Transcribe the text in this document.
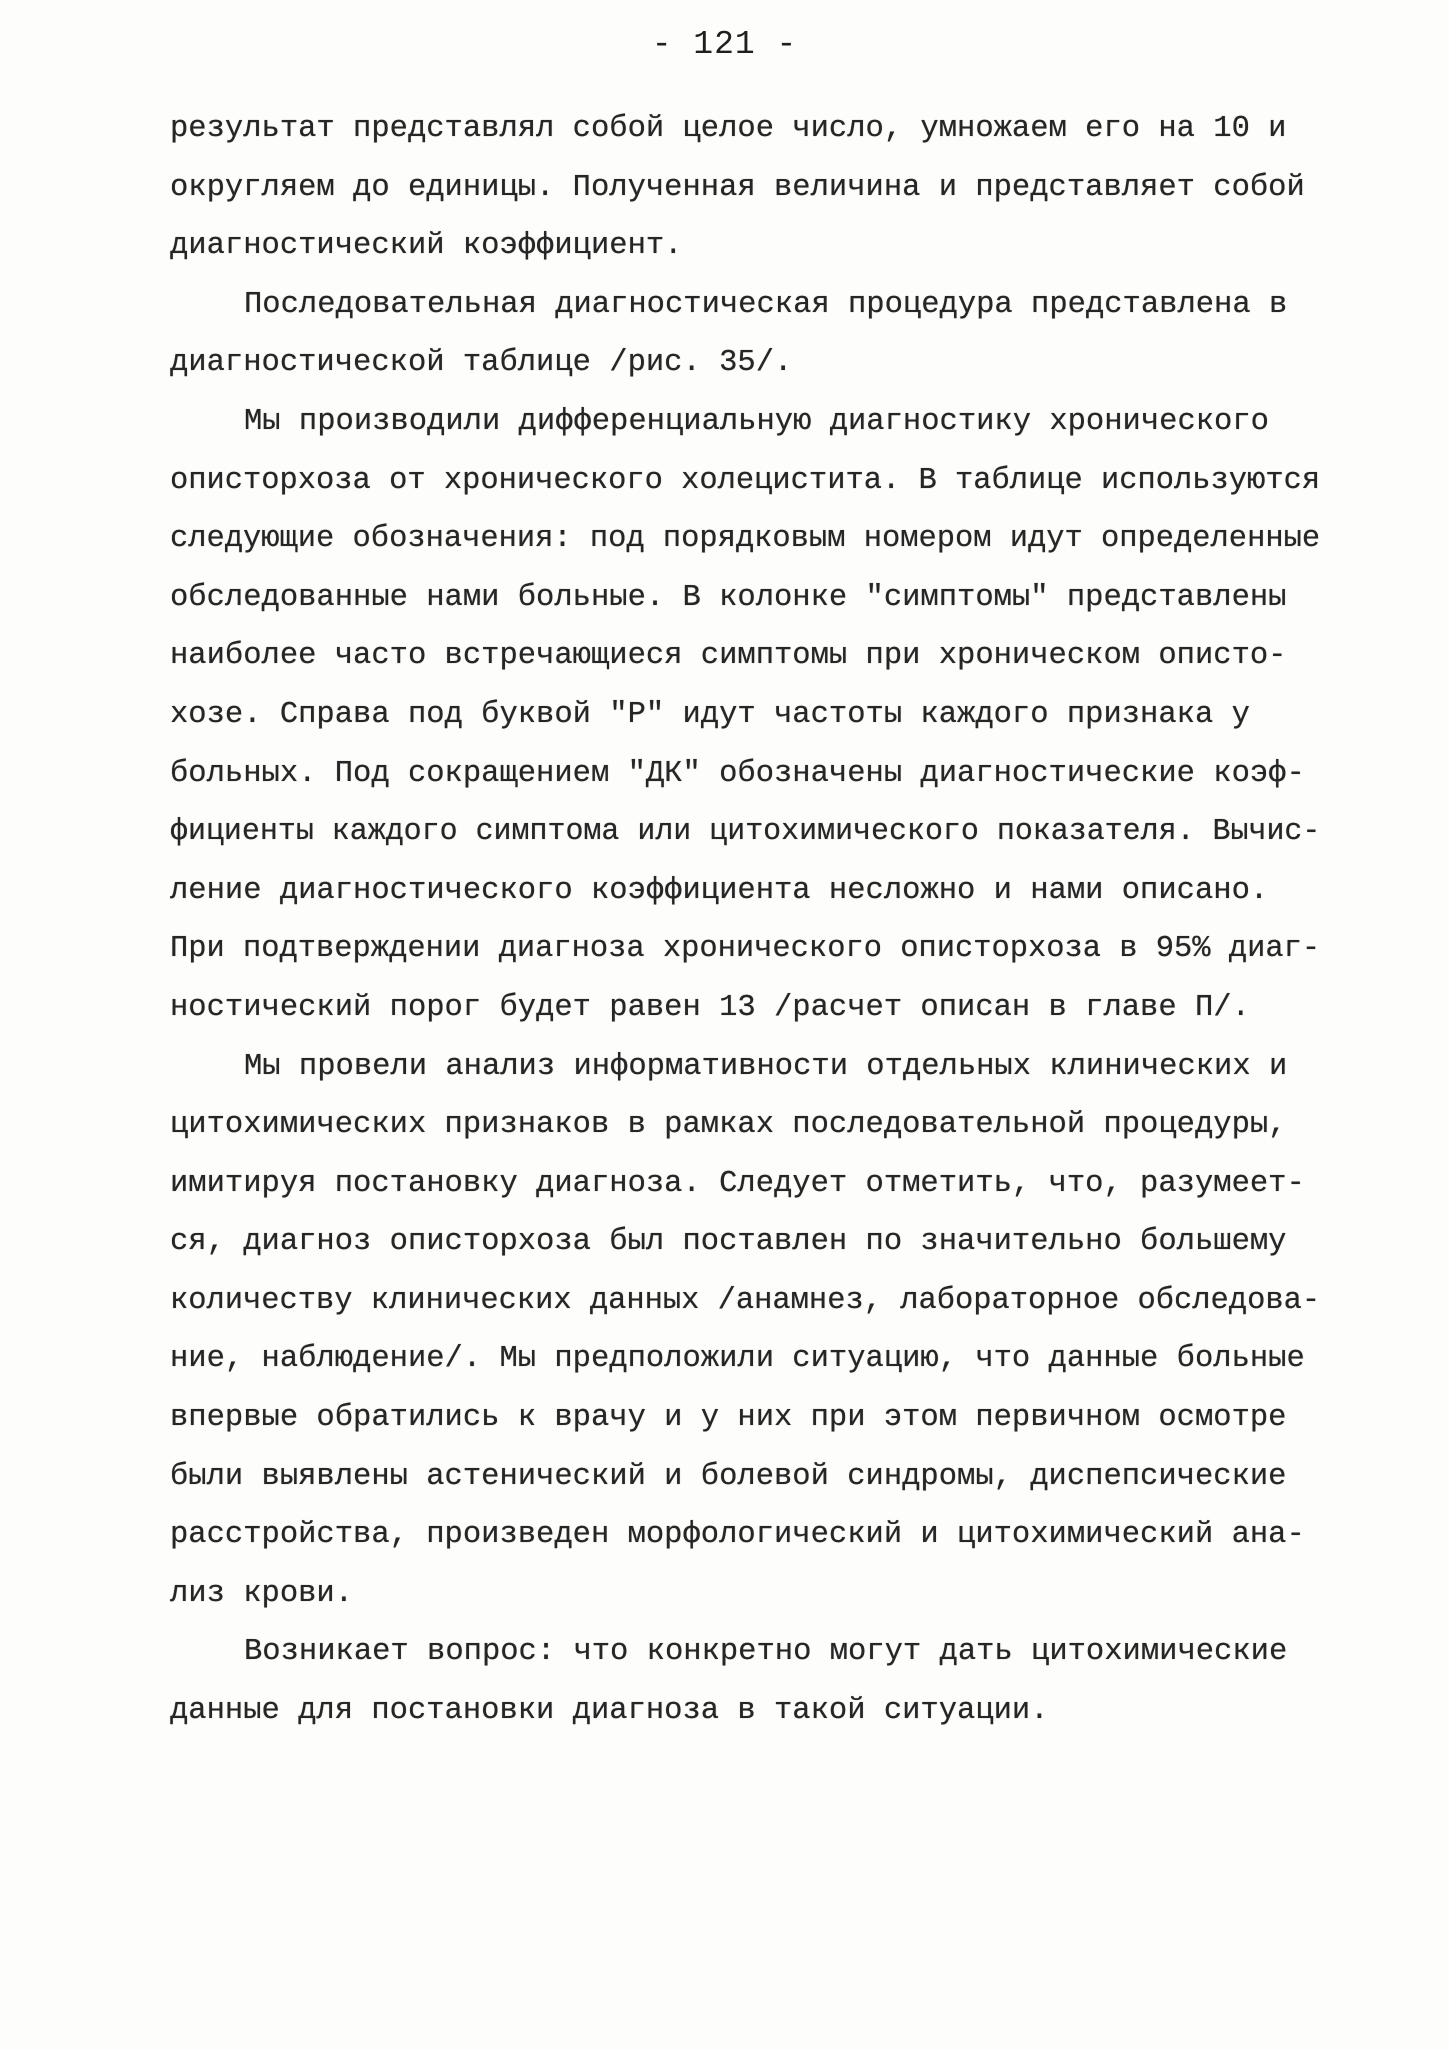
- 121 -
результат представлял собой целое число, умножаем его на 10 и
округляем до единицы. Полученная величина и представляет собой
диагностический коэффициент.
Последовательная диагностическая процедура представлена в
диагностической таблице /рис. 35/.
Мы производили дифференциальную диагностику хронического
описторхоза от хронического холецистита. В таблице используются
следующие обозначения: под порядковым номером идут определенные
обследованные нами больные. В колонке "симптомы" представлены
наиболее часто встречающиеся симптомы при хроническом описто-
хозе. Справа под буквой "Р" идут частоты каждого признака у
больных. Под сокращением "ДК" обозначены диагностические коэф-
фициенты каждого симптома или цитохимического показателя. Вычис-
ление диагностического коэффициента несложно и нами описано.
При подтверждении диагноза хронического описторхоза в 95% диаг-
ностический порог будет равен 13 /расчет описан в главе П/.
Мы провели анализ информативности отдельных клинических и
цитохимических признаков в рамках последовательной процедуры,
имитируя постановку диагноза. Следует отметить, что, разумеет-
ся, диагноз описторхоза был поставлен по значительно большему
количеству клинических данных /анамнез, лабораторное обследова-
ние, наблюдение/. Мы предположили ситуацию, что данные больные
впервые обратились к врачу и у них при этом первичном осмотре
были выявлены астенический и болевой синдромы, диспепсические
расстройства, произведен морфологический и цитохимический ана-
лиз крови.
Возникает вопрос: что конкретно могут дать цитохимические
данные для постановки диагноза в такой ситуации.
